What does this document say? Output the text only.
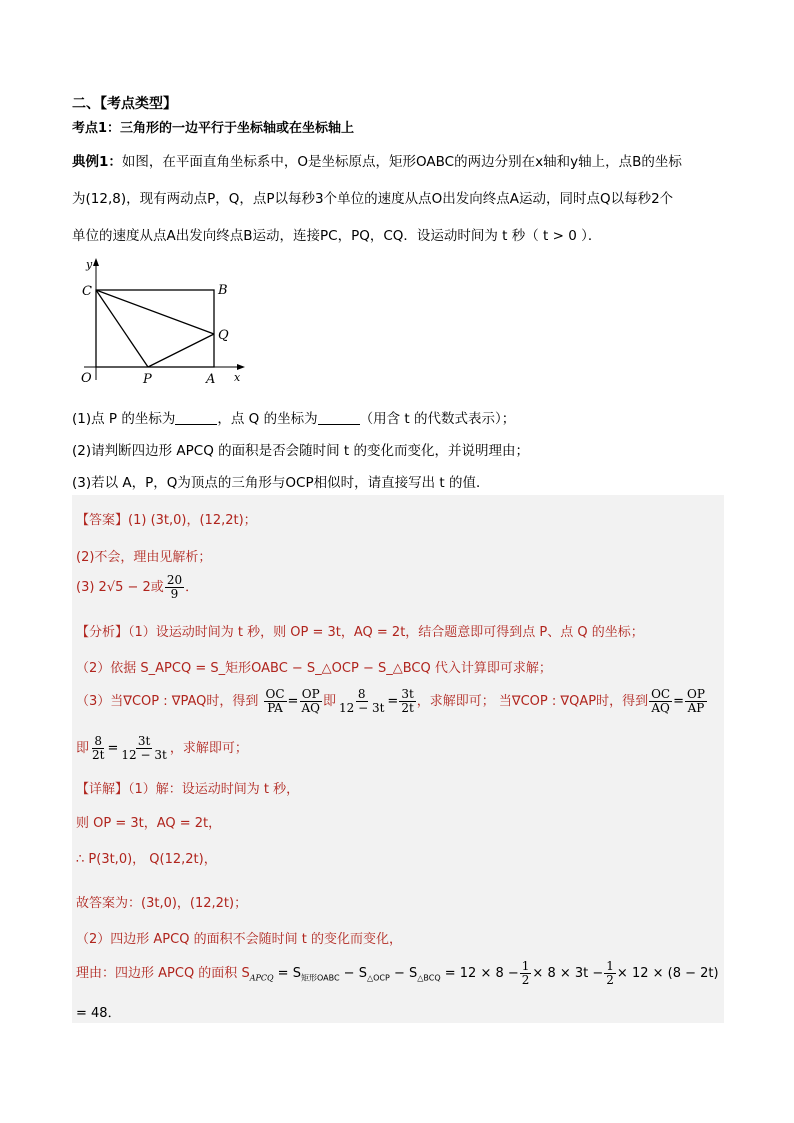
二、【考点类型】
考点1：三角形的一边平行于坐标轴或在坐标轴上
典例1：如图，在平面直角坐标系中，O是坐标原点，矩形OABC的两边分别在x轴和y轴上，点B的坐标
为(12,8)，现有两动点P，Q，点P以每秒3个单位的速度从点O出发向终点A运动，同时点Q以每秒2个
单位的速度从点A出发向终点B运动，连接PC，PQ，CQ．设运动时间为 t 秒（ t > 0 ）．
y
C	B
Q
O	P	A x
(1)点 P 的坐标为	，点 Q 的坐标为	（用含 t 的代数式表示）；
(2)请判断四边形 APCQ 的面积是否会随时间 t 的变化而变化，并说明理由；
(3)若以 A，P，Q为顶点的三角形与OCP相似时，请直接写出 t 的值．
【答案】(1) (3t,0)，(12,2t)；
(2)不会，理由见解析；
(3) 2√5 − 2或 $\frac{20}{9}$ ．
【分析】（1）设运动时间为 t 秒，则 OP = 3t，AQ = 2t，结合题意即可得到点 P、点 Q 的坐标；
（2）依据 S_APCQ = S_矩形OABC − S_△OCP − S_△BCQ 代入计算即可求解；
（3）当∇COP : ∇PAQ时，得到 $\frac{OC}{PA} = \frac{OP}{AQ}$ 即 $\frac{8}{12 - 3t} = \frac{3t}{2t}$ ，求解即可； 当∇COP : ∇QAP时，得到 $\frac{OC}{AQ} = \frac{OP}{AP}$
即 $\frac{8}{2t} = \frac{3t}{12 - 3t}$ ，求解即可；
【详解】（1）解：设运动时间为 t 秒，
则 OP = 3t，AQ = 2t，
∴ P(3t,0)， Q(12,2t)，
故答案为：(3t,0)，(12,2t)；
（2）四边形 APCQ 的面积不会随时间 t 的变化而变化，
理由：四边形 APCQ 的面积 $S_{APCQ} = S_{矩形OABC} - S_{\triangle OCP} - S_{\triangle BCQ} = 12 \times 8 - \frac{1}{2} \times 8 \times 3t - \frac{1}{2} \times 12 \times (8 - 2t)$
= 48．
